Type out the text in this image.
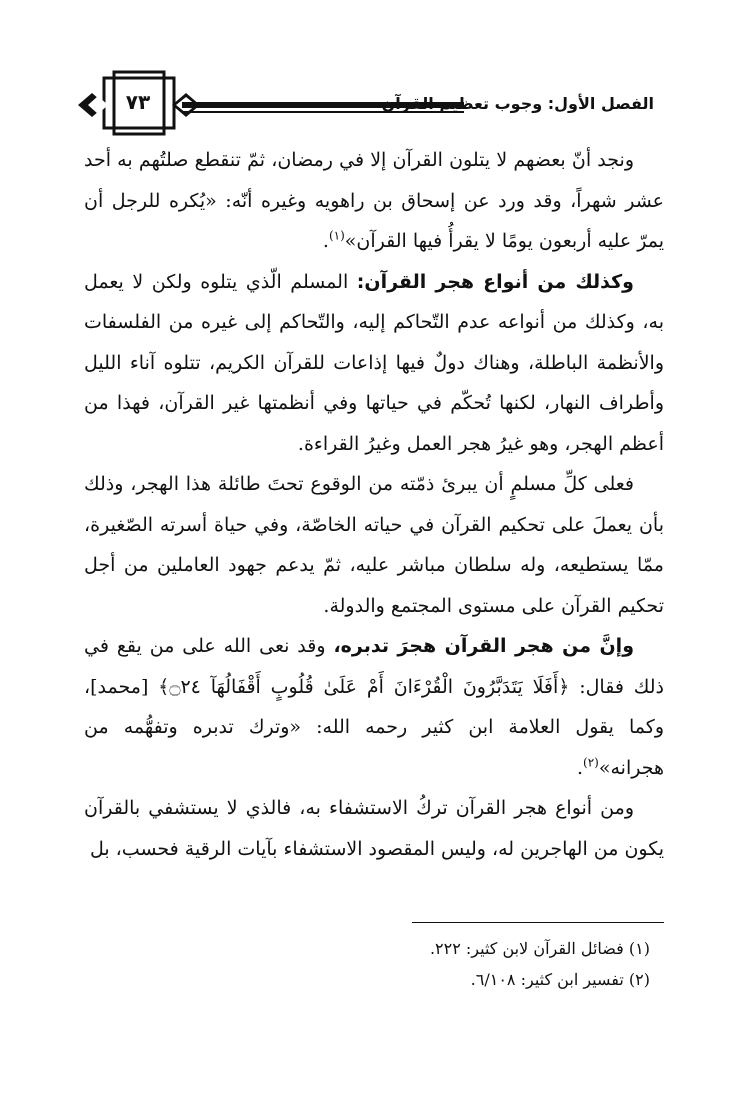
٧٣	الفصل الأول: وجوب تعظيم القرآن

ونجد أنّ بعضهم لا يتلون القرآن إلا في رمضان، ثمّ تنقطع صلتُهم به أحد عشر شهراً، وقد ورد عن إسحاق بن راهويه وغيره أنّه: «يُكره للرجل أن يمرّ عليه أربعون يومًا لا يقرأُ فيها القرآن»$^{(١)}$.

وكذلك من أنواع هجر القرآن: المسلم الّذي يتلوه ولكن لا يعمل به، وكذلك من أنواعه عدم التّحاكم إليه، والتّحاكم إلى غيره من الفلسفات والأنظمة الباطلة، وهناك دولٌ فيها إذاعات للقرآن الكريم، تتلوه آناء الليل وأطراف النهار، لكنها تُحكّم في حياتها وفي أنظمتها غير القرآن، فهذا من أعظم الهجر، وهو غيرُ هجر العمل وغيرُ القراءة.

فعلى كلِّ مسلمٍ أن يبرئ ذمّته من الوقوع تحتَ طائلة هذا الهجر، وذلك بأن يعملَ على تحكيم القرآن في حياته الخاصّة، وفي حياة أسرته الصّغيرة، ممّا يستطيعه، وله سلطان مباشر عليه، ثمّ يدعم جهود العاملين من أجل تحكيم القرآن على مستوى المجتمع والدولة.

وإنَّ من هجر القرآن هجرَ تدبره، وقد نعى الله على من يقع في ذلك فقال: ﴿أَفَلَا يَتَدَبَّرُونَ الْقُرْءَانَ أَمْ عَلَىٰ قُلُوبٍ أَقْفَالُهَآ ۝٢٤﴾ [محمد]، وكما يقول العلامة ابن كثير رحمه الله: «وترك تدبره وتفهُّمه من هجرانه»$^{(٢)}$.

ومن أنواع هجر القرآن تركُ الاستشفاء به، فالذي لا يستشفي بالقرآن يكون من الهاجرين له، وليس المقصود الاستشفاء بآيات الرقية فحسب، بل

(١) فضائل القرآن لابن كثير: ٢٢٢.

(٢) تفسير ابن كثير: ٦/١٠٨.
